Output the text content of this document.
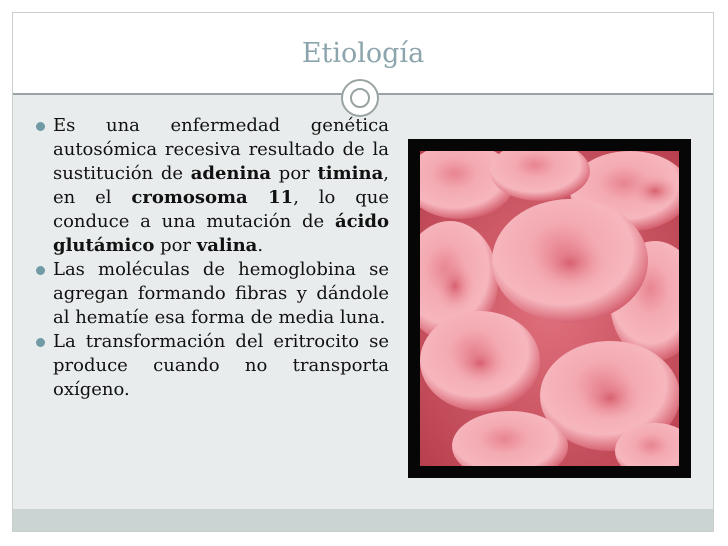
Etiología

Es una enfermedad genética autosómica recesiva resultado de la sustitución de adenina por timina, en el cromosoma 11, lo que conduce a una mutación de ácido glutámico por valina.

Las moléculas de hemoglobina se agregan formando fibras y dándole al hematíe esa forma de media luna.

La transformación del eritrocito se produce cuando no transporta oxígeno.
